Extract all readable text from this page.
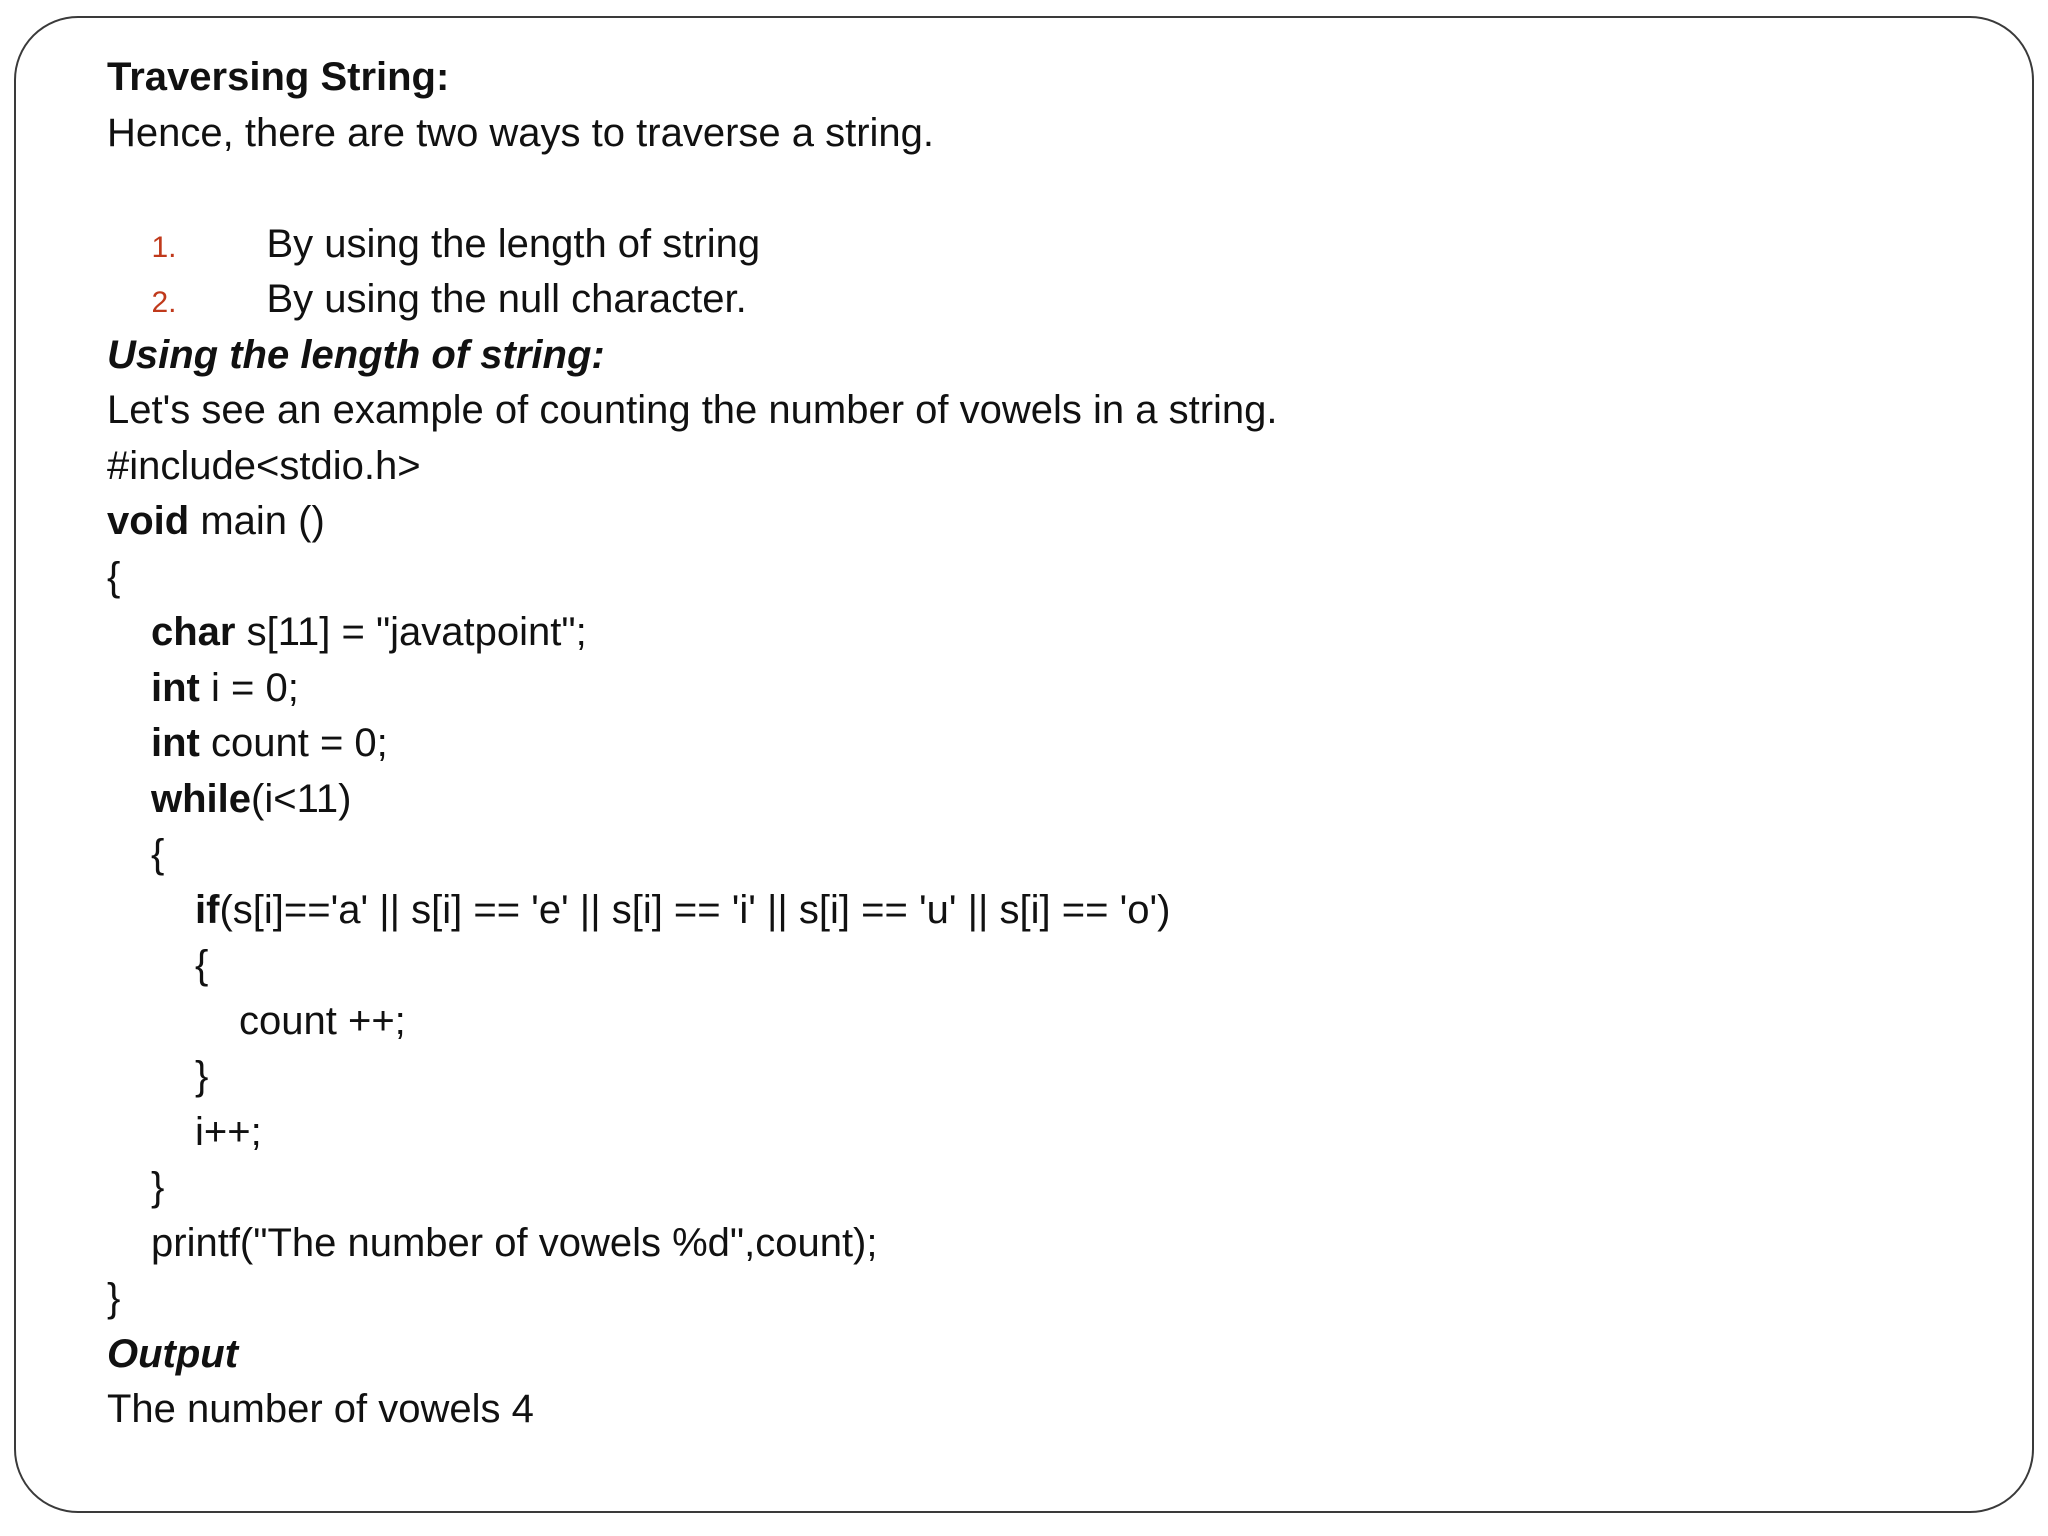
Traversing String:
Hence, there are two ways to traverse a string.

1. By using the length of string

2. By using the null character.

Using the length of string:
Let's see an example of counting the number of vowels in a string.
#include<stdio.h>
void main ()
{
char s[11] = "javatpoint";
int i = 0;
int count = 0;
while(i<11)
{
if(s[i]=='a' || s[i] == 'e' || s[i] == 'i' || s[i] == 'u' || s[i] == 'o')
{
count ++;
}
i++;
}
printf("The number of vowels %d",count);
}
Output
The number of vowels 4
